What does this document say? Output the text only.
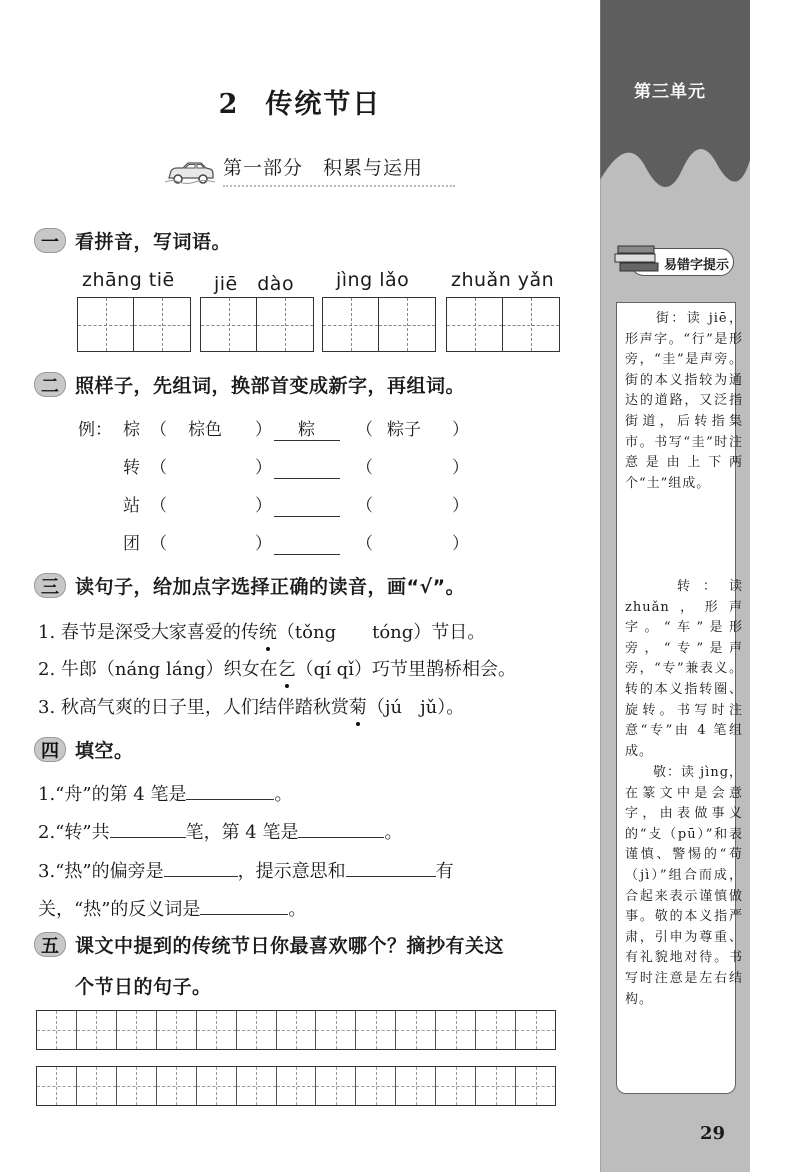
2 传统节日
第一部分　积累与运用
一 看拼音，写词语。
zhāng tiē jiē　dào jìng lǎo zhuǎn yǎn
二 照样子，先组词，换部首变成新字，再组词。
例： 棕 （ 棕色 ） 粽 （ 粽子 ）
转 （	）	（	）
站 （	）	（	）
团 （	）	（	）
三 读句子，给加点字选择正确的读音，画“√”。
1. 春节是深受大家喜爱的传统（tǒng　　tóng）节日。
2. 牛郎（náng láng）织女在乞（qí qǐ）巧节里鹊桥相会。
3. 秋高气爽的日子里，人们结伴踏秋赏菊（jú　jǔ）。
四 填空。
1.“舟”的第 4 笔是	。
2.“转”共	笔，第 4 笔是	。
3.“热”的偏旁是	，提示意思和	有
关，“热”的反义词是	。
五 课文中提到的传统节日你最喜欢哪个？摘抄有关这
个节日的句子。
第三单元
易错字提示
　　街：读 jiē，形声字。“行”是形旁，“圭”是声旁。街的本义指较为通达的道路，又泛指街道，后转指集市。书写“圭”时注意是由上下两个“土”组成。
　　转：读 zhuǎn，形声字。“车”是形旁，“专”是声旁，“专”兼表义。转的本义指转圈、旋转。书写时注意“专”由 4 笔组成。
　　敬：读 jìng，在篆文中是会意字，由表做事义的“攴（pū）”和表谨慎、警惕的“苟（jì）”组合而成，合起来表示谨慎做事。敬的本义指严肃，引申为尊重、有礼貌地对待。书写时注意是左右结构。
29
